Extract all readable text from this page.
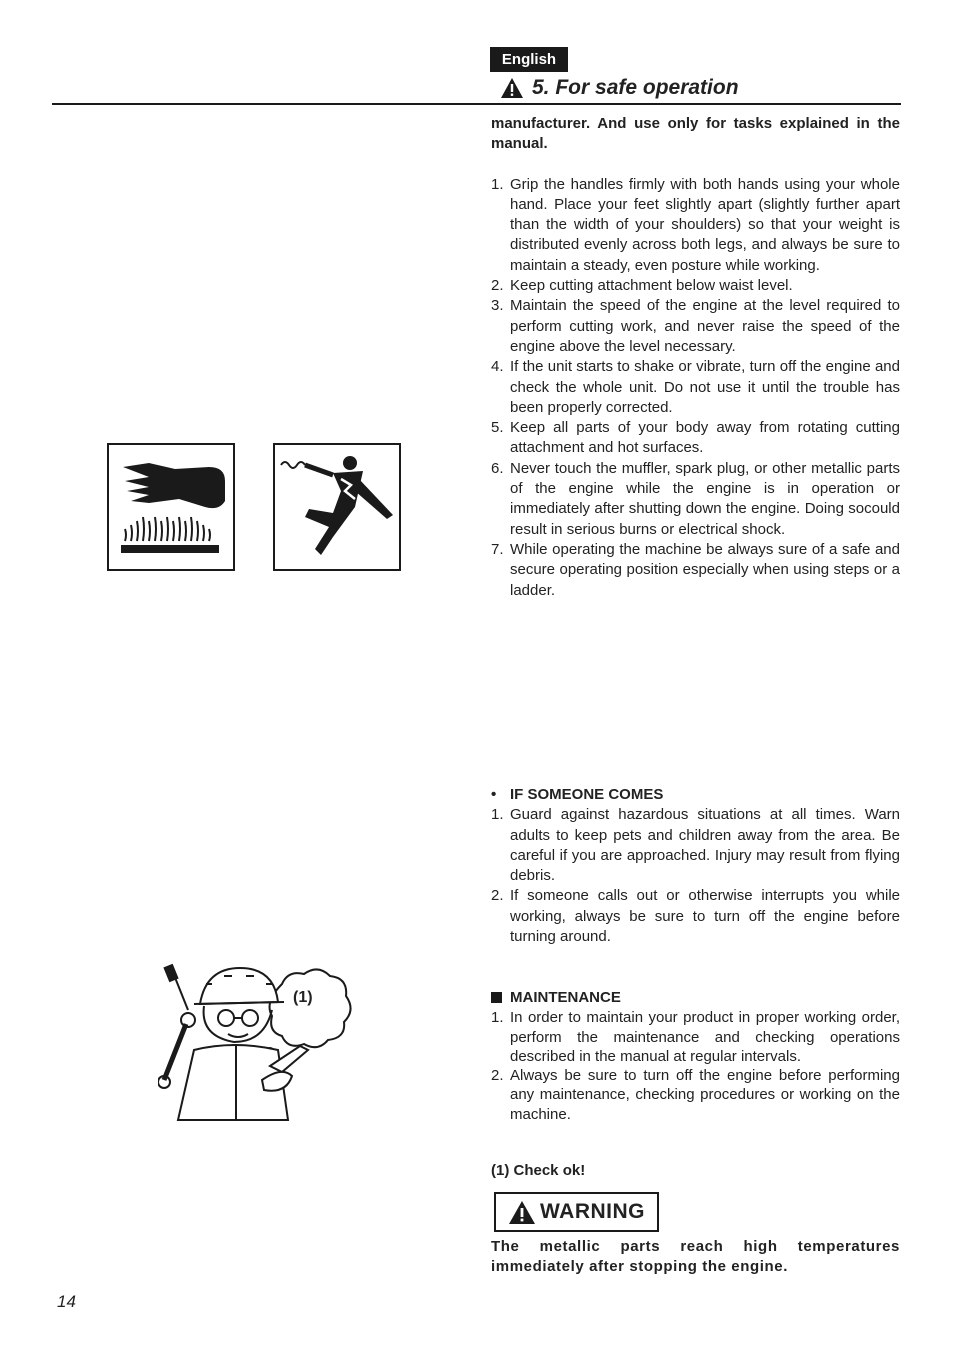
English
5. For safe operation
manufacturer. And use only for tasks explained in the manual.
1. Grip the handles firmly with both hands using your whole hand. Place your feet slightly apart (slightly further apart than the width of your shoulders) so that your weight is distributed evenly across both legs, and always be sure to maintain a steady, even posture while working.
2. Keep cutting attachment below waist level.
3. Maintain the speed of the engine at the level required to perform cutting work, and never raise the speed of the engine above the level necessary.
4. If the unit starts to shake or vibrate, turn off the engine and check the whole unit. Do not use it until the trouble has been properly corrected.
5. Keep all parts of your body away from rotating cutting attachment and hot surfaces.
6. Never touch the muffler, spark plug, or other metallic parts of the engine while the engine is in operation or immediately after shutting down the engine. Doing socould result in serious burns or electrical shock.
7. While operating the machine be always sure of a safe and secure operating position especially when using steps or a ladder.
• IF SOMEONE COMES
1. Guard against hazardous situations at all times. Warn adults to keep pets and children away from the area. Be careful if you are approached. Injury may result from flying debris.
2. If someone calls out or otherwise interrupts you while working, always be sure to turn off the engine before turning around.
(1)	MAINTENANCE
1. In order to maintain your product in proper working order, perform the maintenance and checking operations described in the manual at regular intervals.
2. Always be sure to turn off the engine before performing any maintenance, checking procedures or working on the machine.
(1) Check ok!
WARNING
The metallic parts reach high temperatures immediately after stopping the engine.
14
